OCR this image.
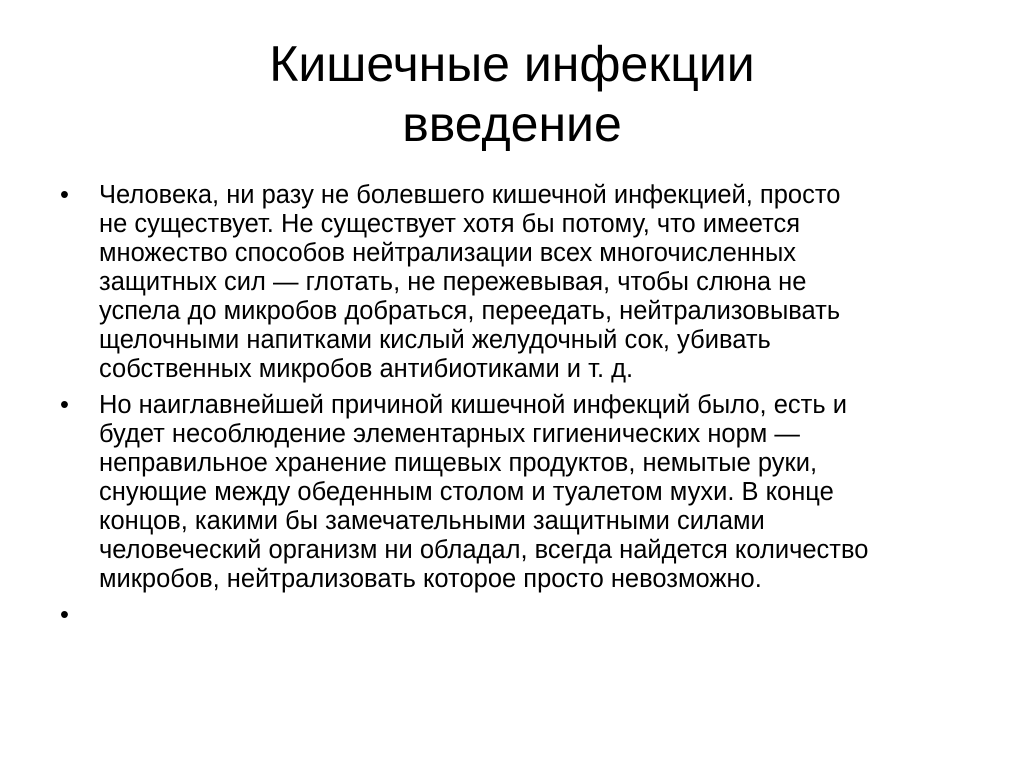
Кишечные инфекции
введение
•	Человека, ни разу не болевшего кишечной инфекцией, просто
не существует. Не существует хотя бы потому, что имеется
множество способов нейтрализации всех многочисленных
защитных сил — глотать, не пережевывая, чтобы слюна не
успела до микробов добраться, переедать, нейтрализовывать
щелочными напитками кислый желудочный сок, убивать
собственных микробов антибиотиками и т. д.
•	Но наиглавнейшей причиной кишечной инфекций было, есть и
будет несоблюдение элементарных гигиенических норм —
неправильное хранение пищевых продуктов, немытые руки,
снующие между обеденным столом и туалетом мухи. В конце
концов, какими бы замечательными защитными силами
человеческий организм ни обладал, всегда найдется количество
микробов, нейтрализовать которое просто невозможно.
•
